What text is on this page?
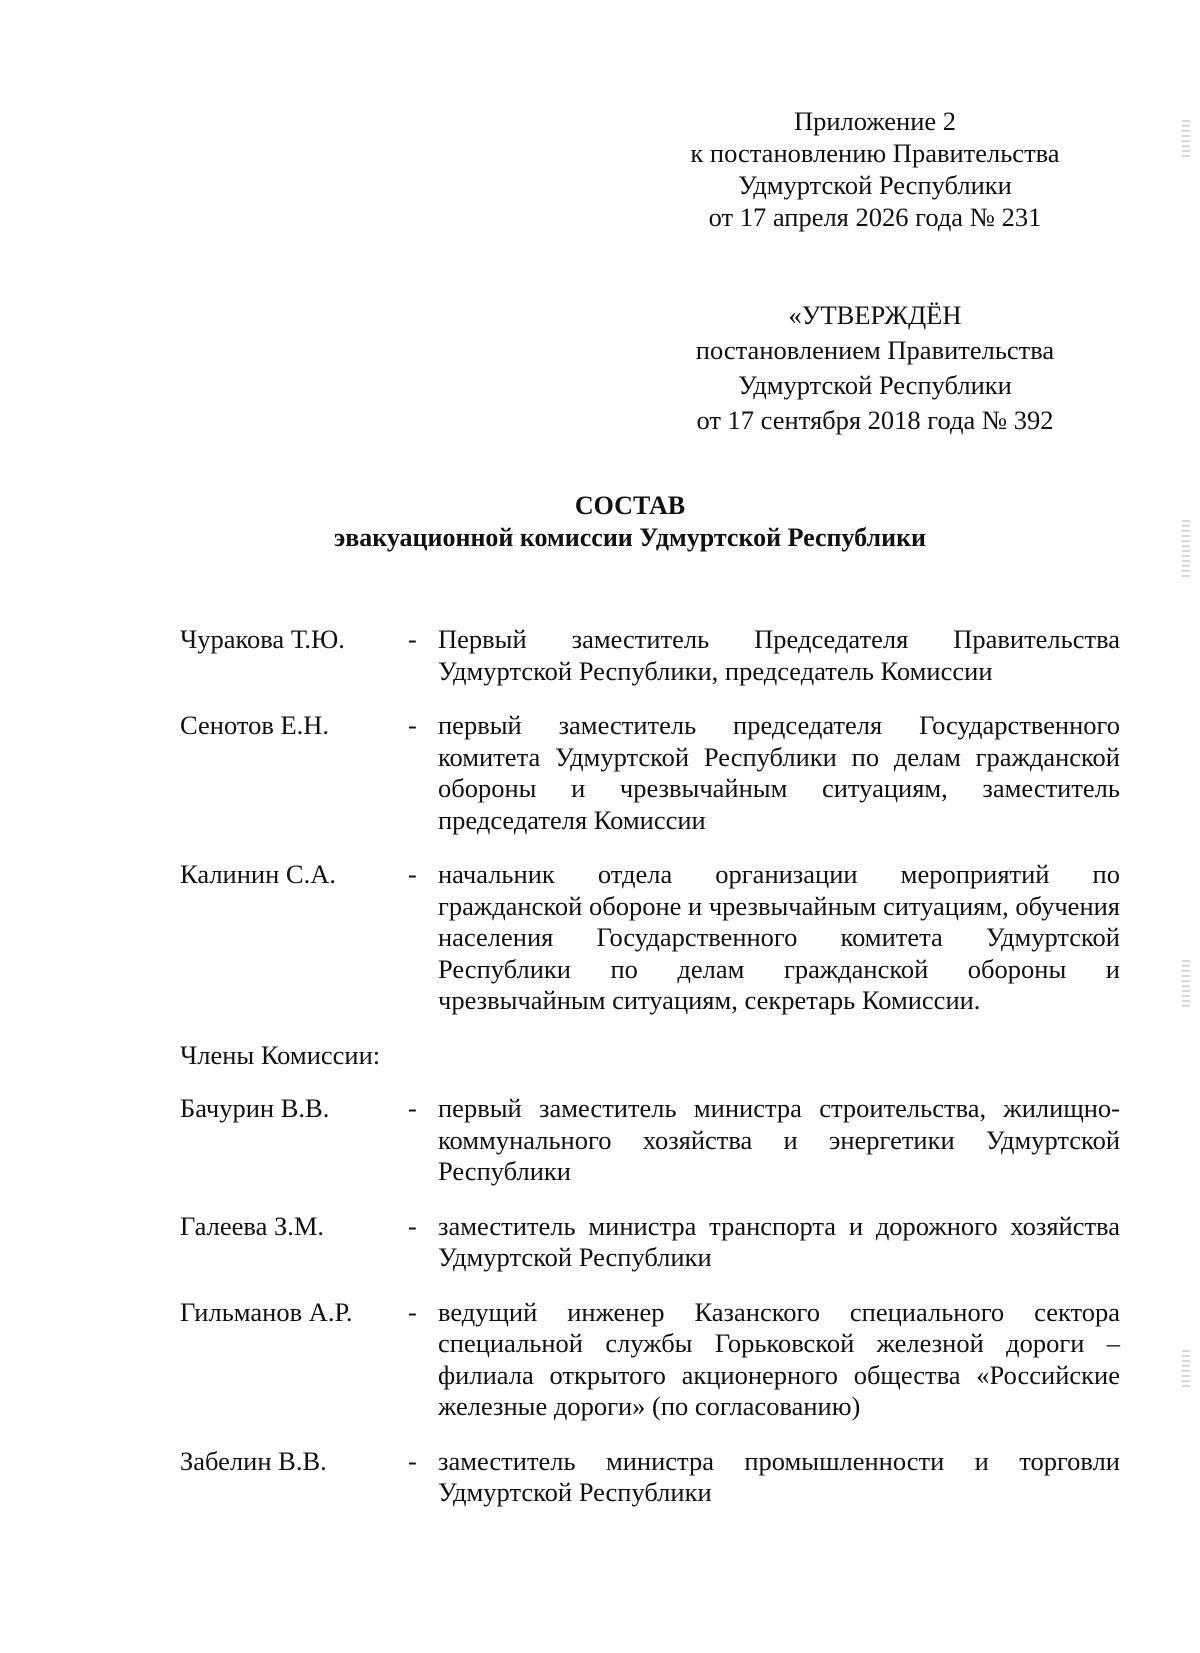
Приложение 2
к постановлению Правительства
Удмуртской Республики
от 17 апреля 2026 года № 231
«УТВЕРЖДЁН
постановлением Правительства
Удмуртской Республики
от 17 сентября 2018 года № 392
СОСТАВ
эвакуационной комиссии Удмуртской Республики
Чуракова Т.Ю.	- Первый заместитель Председателя Правительства Удмуртской Республики, председатель Комиссии
Сенотов Е.Н.	- первый заместитель председателя Государственного комитета Удмуртской Республики по делам гражданской обороны и чрезвычайным ситуациям, заместитель председателя Комиссии
Калинин С.А.	- начальник отдела организации мероприятий по гражданской обороне и чрезвычайным ситуациям, обучения населения Государственного комитета Удмуртской Республики по делам гражданской обороны и чрезвычайным ситуациям, секретарь Комиссии.
Члены Комиссии:
Бачурин В.В.	- первый заместитель министра строительства, жилищно-коммунального хозяйства и энергетики Удмуртской Республики
Галеева З.М.	- заместитель министра транспорта и дорожного хозяйства Удмуртской Республики
Гильманов А.Р.	- ведущий инженер Казанского специального сектора специальной службы Горьковской железной дороги – филиала открытого акционерного общества «Российские железные дороги» (по согласованию)
Забелин В.В.	- заместитель министра промышленности и торговли Удмуртской Республики
